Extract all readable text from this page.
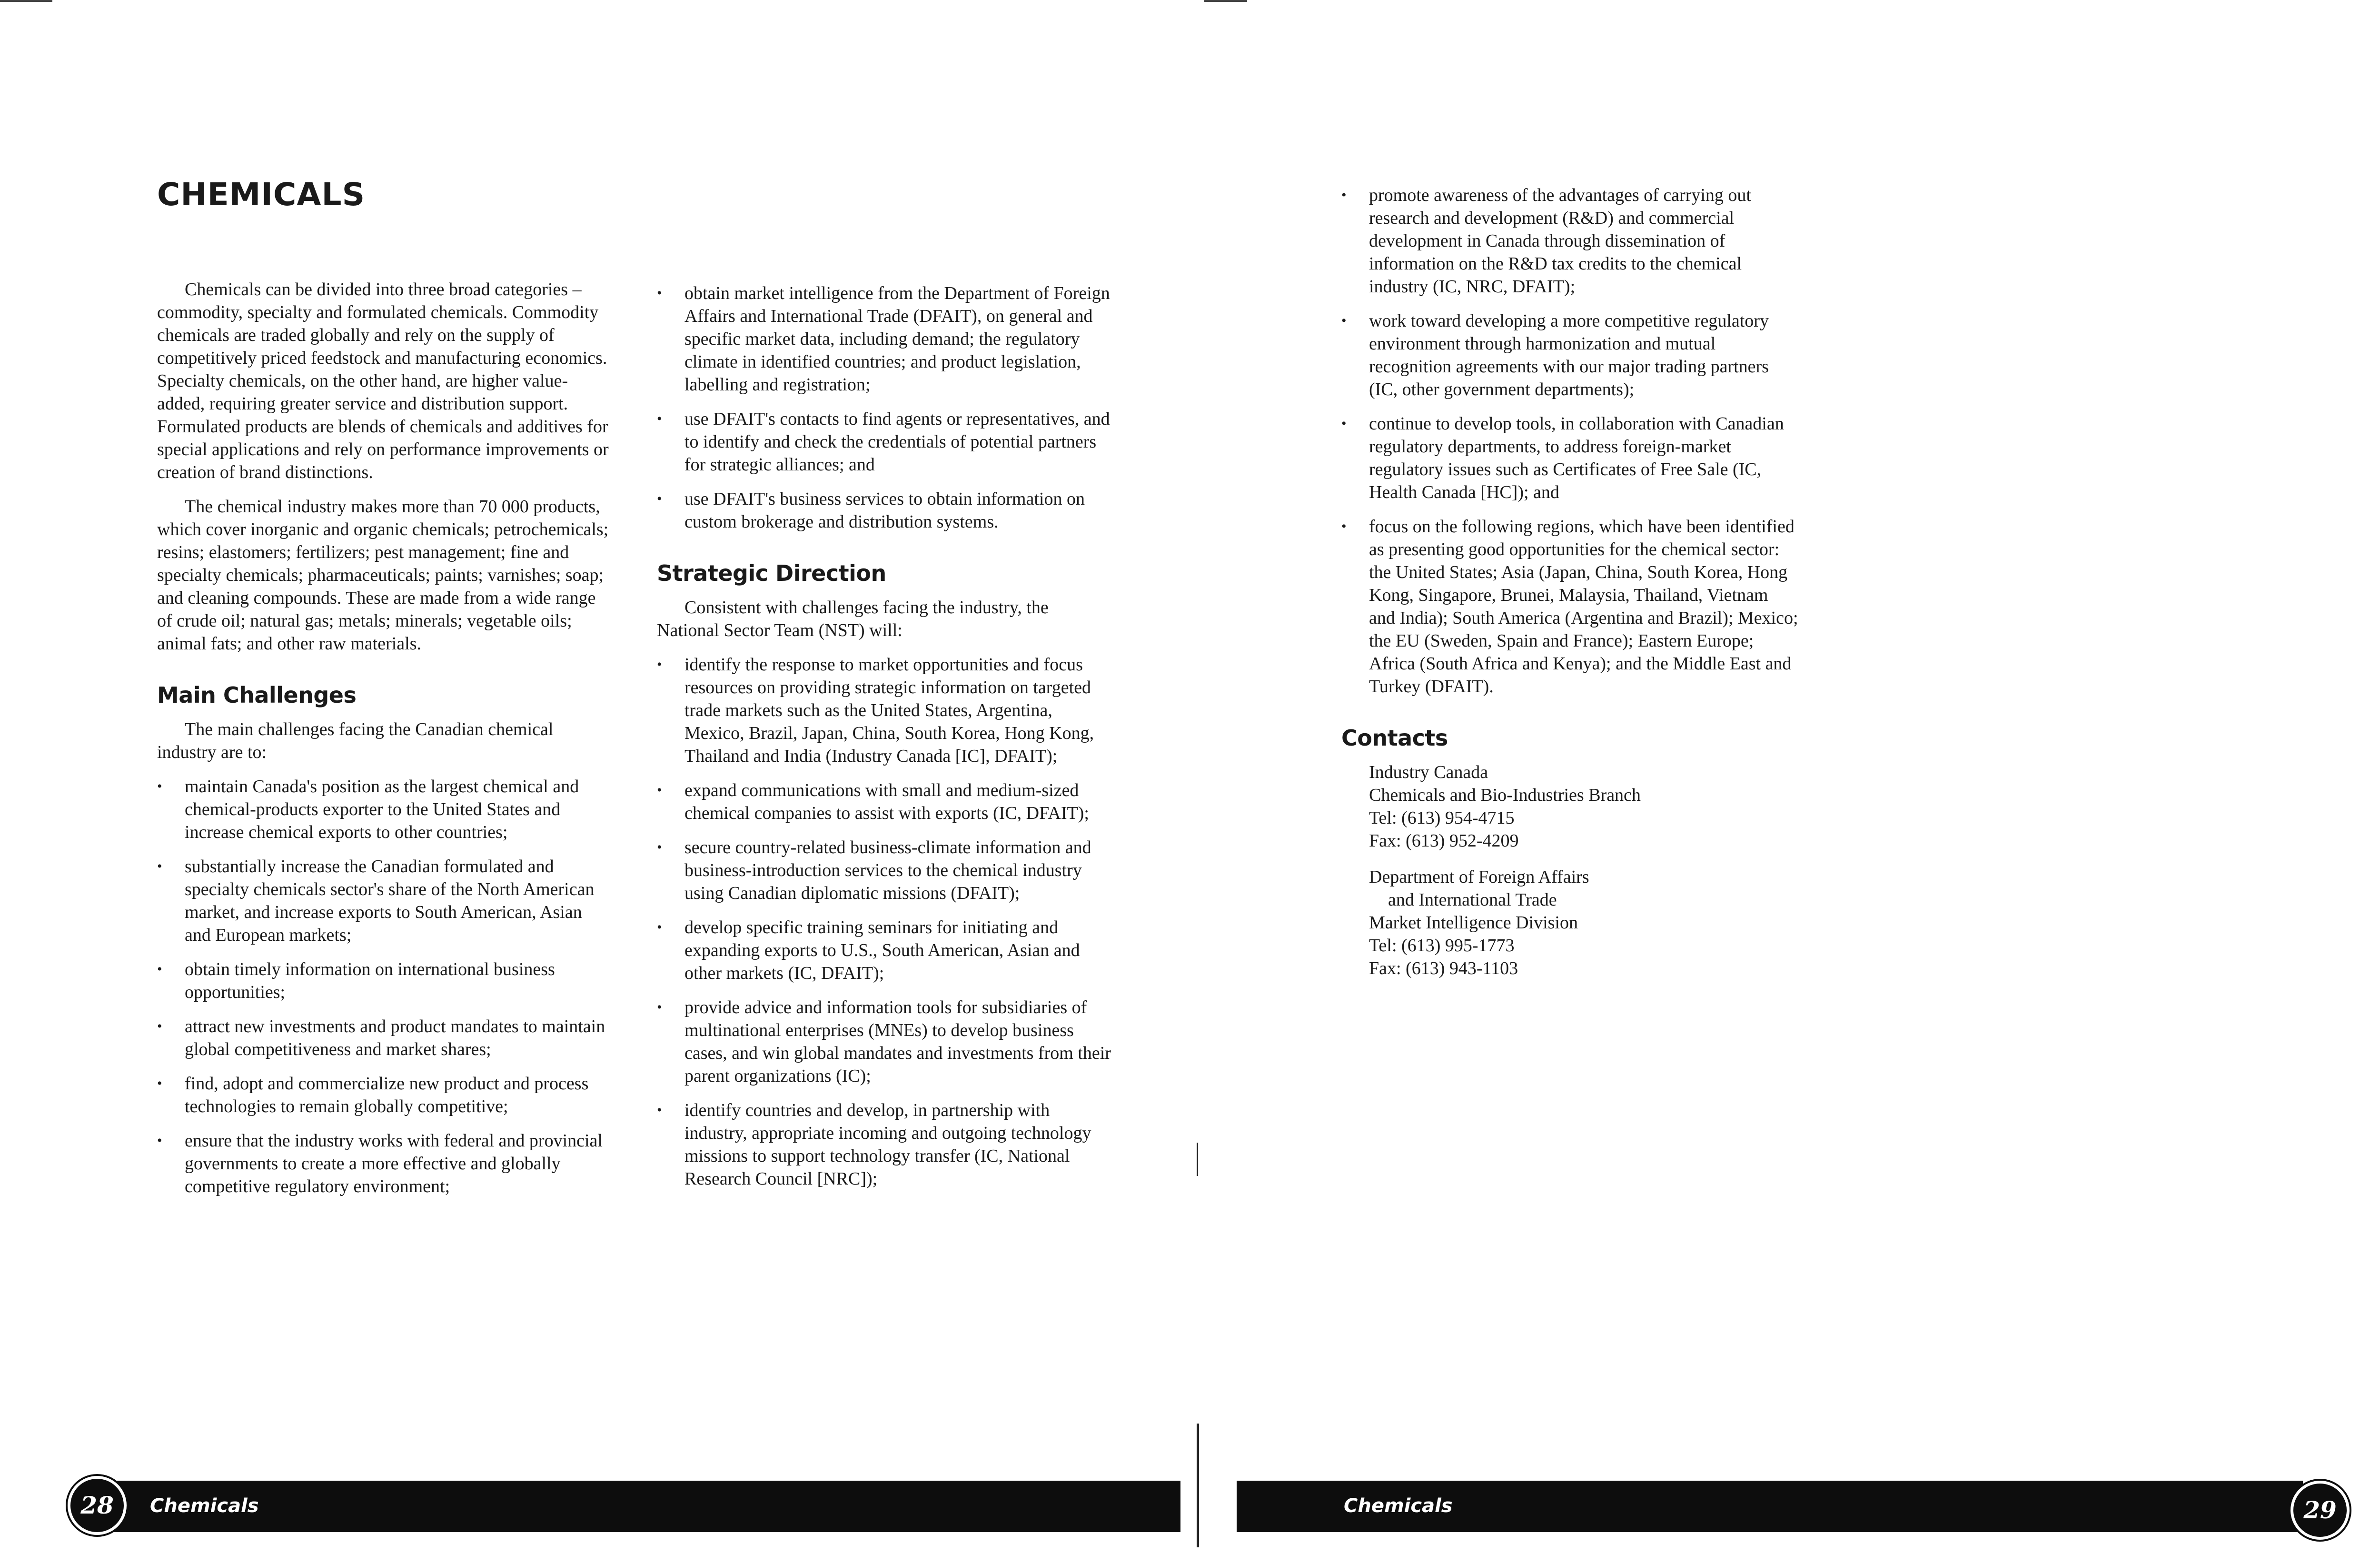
CHEMICALS

Chemicals can be divided into three broad categories – commodity, specialty and formulated chemicals. Commodity chemicals are traded globally and rely on the supply of competitively priced feedstock and manufacturing economics. Specialty chemicals, on the other hand, are higher value-added, requiring greater service and distribution support. Formulated products are blends of chemicals and additives for special applications and rely on performance improvements or creation of brand distinctions.

The chemical industry makes more than 70 000 products, which cover inorganic and organic chemicals; petrochemicals; resins; elastomers; fertilizers; pest management; fine and specialty chemicals; pharmaceuticals; paints; varnishes; soap; and cleaning compounds. These are made from a wide range of crude oil; natural gas; metals; minerals; vegetable oils; animal fats; and other raw materials.

Main Challenges

The main challenges facing the Canadian chemical industry are to:

•	maintain Canada's position as the largest chemical and chemical-products exporter to the United States and increase chemical exports to other countries;
•	substantially increase the Canadian formulated and specialty chemicals sector's share of the North American market, and increase exports to South American, Asian and European markets;
•	obtain timely information on international business opportunities;
•	attract new investments and product mandates to maintain global competitiveness and market shares;
•	find, adopt and commercialize new product and process technologies to remain globally competitive;
•	ensure that the industry works with federal and provincial governments to create a more effective and globally competitive regulatory environment;
•	obtain market intelligence from the Department of Foreign Affairs and International Trade (DFAIT), on general and specific market data, including demand; the regulatory climate in identified countries; and product legislation, labelling and registration;
•	use DFAIT's contacts to find agents or representatives, and to identify and check the credentials of potential partners for strategic alliances; and
•	use DFAIT's business services to obtain information on custom brokerage and distribution systems.
Strategic Direction

Consistent with challenges facing the industry, the National Sector Team (NST) will:

•	identify the response to market opportunities and focus resources on providing strategic information on targeted trade markets such as the United States, Argentina, Mexico, Brazil, Japan, China, South Korea, Hong Kong, Thailand and India (Industry Canada [IC], DFAIT);
•	expand communications with small and medium-sized chemical companies to assist with exports (IC, DFAIT);
•	secure country-related business-climate information and business-introduction services to the chemical industry using Canadian diplomatic missions (DFAIT);
•	develop specific training seminars for initiating and expanding exports to U.S., South American, Asian and other markets (IC, DFAIT);
•	provide advice and information tools for subsidiaries of multinational enterprises (MNEs) to develop business cases, and win global mandates and investments from their parent organizations (IC);
•	identify countries and develop, in partnership with industry, appropriate incoming and outgoing technology missions to support technology transfer (IC, National Research Council [NRC]);
•	promote awareness of the advantages of carrying out research and development (R&D) and commercial development in Canada through dissemination of information on the R&D tax credits to the chemical industry (IC, NRC, DFAIT);
•	work toward developing a more competitive regulatory environment through harmonization and mutual recognition agreements with our major trading partners (IC, other government departments);
•	continue to develop tools, in collaboration with Canadian regulatory departments, to address foreign-market regulatory issues such as Certificates of Free Sale (IC, Health Canada [HC]); and
•	focus on the following regions, which have been identified as presenting good opportunities for the chemical sector: the United States; Asia (Japan, China, South Korea, Hong Kong, Singapore, Brunei, Malaysia, Thailand, Vietnam and India); South America (Argentina and Brazil); Mexico; the EU (Sweden, Spain and France); Eastern Europe; Africa (South Africa and Kenya); and the Middle East and Turkey (DFAIT).
Contacts
Industry Canada
Chemicals and Bio-Industries Branch
Tel: (613) 954-4715
Fax: (613) 952-4209
Department of Foreign Affairs
and International Trade
Market Intelligence Division
Tel: (613) 995-1773
Fax: (613) 943-1103
Chemicals
28	Chemicals	29
